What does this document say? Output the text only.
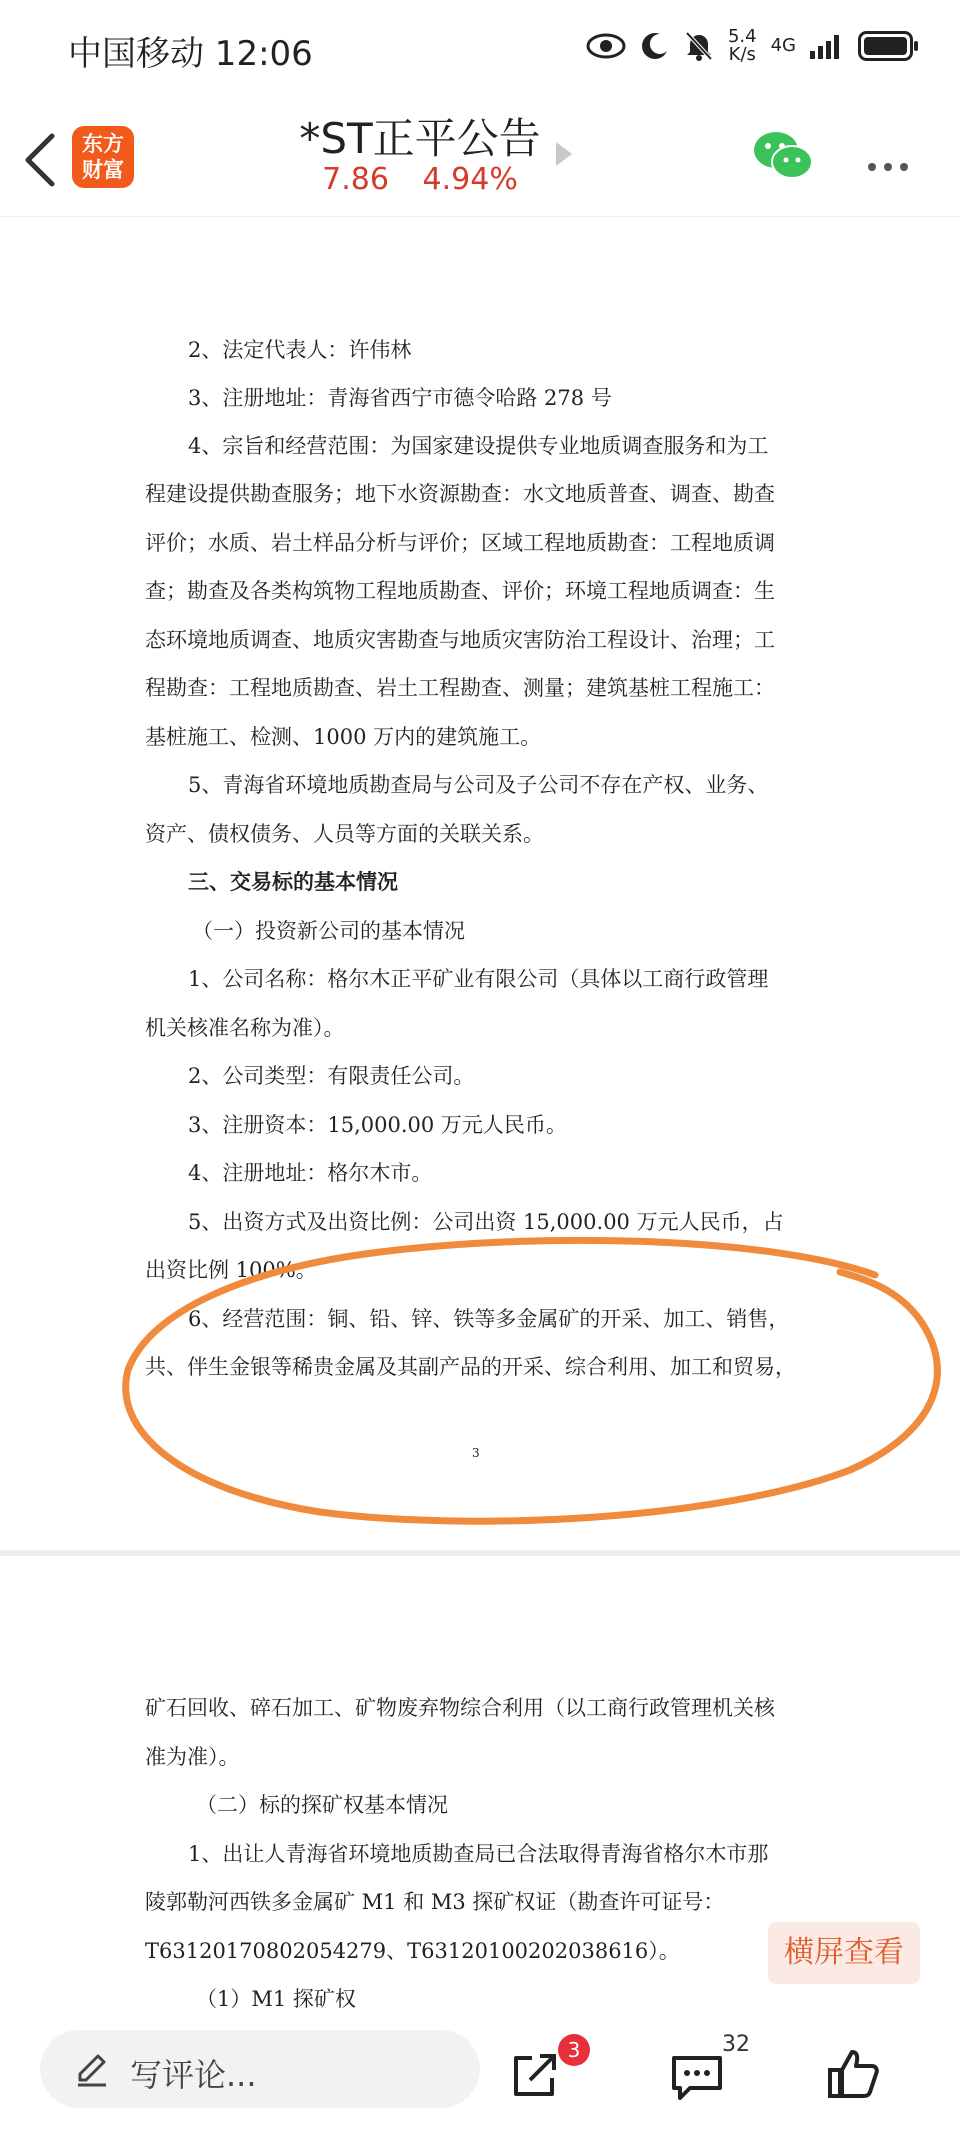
中国移动 12:06	5.4
K/s 4G
东方
财富
*ST正平公告
7.86 4.94%

2、法定代表人：许伟林

3、注册地址：青海省西宁市德令哈路 278 号

4、宗旨和经营范围：为国家建设提供专业地质调查服务和为工

程建设提供勘查服务；地下水资源勘查：水文地质普查、调查、勘查

评价；水质、岩土样品分析与评价；区域工程地质勘查：工程地质调

查；勘查及各类构筑物工程地质勘查、评价；环境工程地质调查：生

态环境地质调查、地质灾害勘查与地质灾害防治工程设计、治理；工

程勘查：工程地质勘查、岩土工程勘查、测量；建筑基桩工程施工：

基桩施工、检测、1000 万内的建筑施工。

5、青海省环境地质勘查局与公司及子公司不存在产权、业务、

资产、债权债务、人员等方面的关联关系。

三、交易标的基本情况

（一）投资新公司的基本情况

1、公司名称：格尔木正平矿业有限公司（具体以工商行政管理

机关核准名称为准）。

2、公司类型：有限责任公司。

3、注册资本：15,000.00 万元人民币。

4、注册地址：格尔木市。

5、出资方式及出资比例：公司出资 15,000.00 万元人民币，占

出资比例 100%。

6、经营范围：铜、铅、锌、铁等多金属矿的开采、加工、销售，

共、伴生金银等稀贵金属及其副产品的开采、综合利用、加工和贸易，

3

矿石回收、碎石加工、矿物废弃物综合利用（以工商行政管理机关核

准为准）。

（二）标的探矿权基本情况

1、出让人青海省环境地质勘查局已合法取得青海省格尔木市那

陵郭勒河西铁多金属矿 M1 和 M3 探矿权证（勘查许可证号：

T63120170802054279、T63120100202038616）。

（1）M1 探矿权

横屏查看
写评论...
3	32
